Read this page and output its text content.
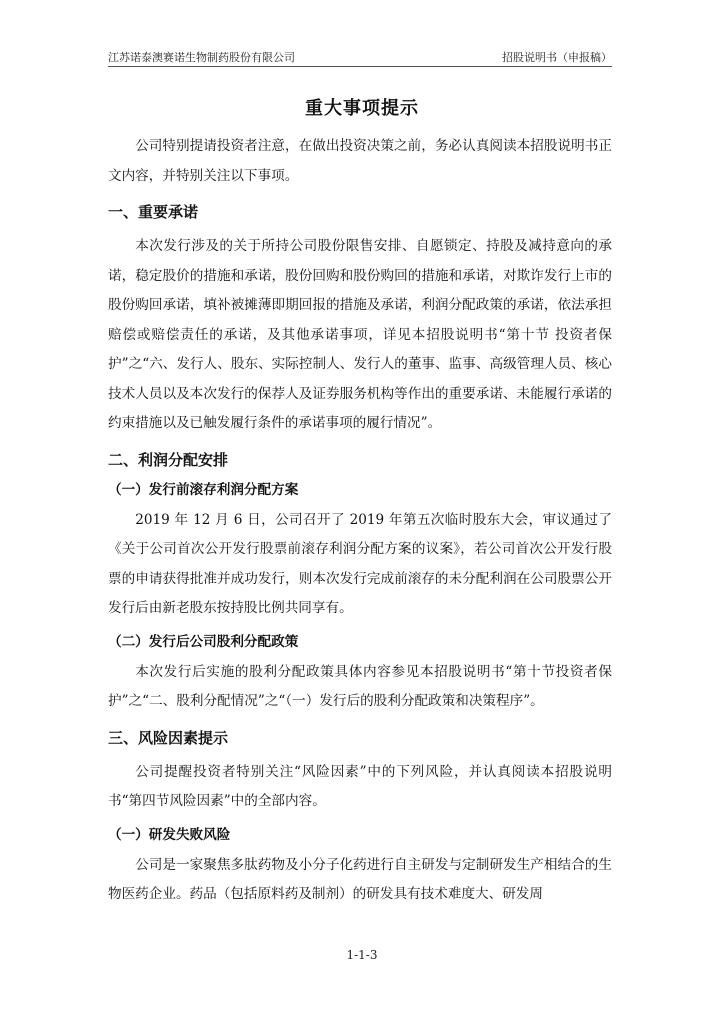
江苏诺泰澳赛诺生物制药股份有限公司	招股说明书（申报稿）
重大事项提示

公司特别提请投资者注意，在做出投资决策之前，务必认真阅读本招股说明书正文内容，并特别关注以下事项。

一、重要承诺

本次发行涉及的关于所持公司股份限售安排、自愿锁定、持股及减持意向的承诺，稳定股价的措施和承诺，股份回购和股份购回的措施和承诺，对欺诈发行上市的股份购回承诺，填补被摊薄即期回报的措施及承诺，利润分配政策的承诺，依法承担赔偿或赔偿责任的承诺，及其他承诺事项，详见本招股说明书“第十节 投资者保护”之“六、发行人、股东、实际控制人、发行人的董事、监事、高级管理人员、核心技术人员以及本次发行的保荐人及证券服务机构等作出的重要承诺、未能履行承诺的约束措施以及已触发履行条件的承诺事项的履行情况”。

二、利润分配安排
（一）发行前滚存利润分配方案

2019 年 12 月 6 日，公司召开了 2019 年第五次临时股东大会，审议通过了《关于公司首次公开发行股票前滚存利润分配方案的议案》，若公司首次公开发行股票的申请获得批准并成功发行，则本次发行完成前滚存的未分配利润在公司股票公开发行后由新老股东按持股比例共同享有。

（二）发行后公司股利分配政策

本次发行后实施的股利分配政策具体内容参见本招股说明书“第十节投资者保护”之“二、股利分配情况”之“（一）发行后的股利分配政策和决策程序”。

三、风险因素提示

公司提醒投资者特别关注“风险因素”中的下列风险，并认真阅读本招股说明书“第四节风险因素”中的全部内容。

（一）研发失败风险

公司是一家聚焦多肽药物及小分子化药进行自主研发与定制研发生产相结合的生物医药企业。药品（包括原料药及制剂）的研发具有技术难度大、研发周

1-1-3
